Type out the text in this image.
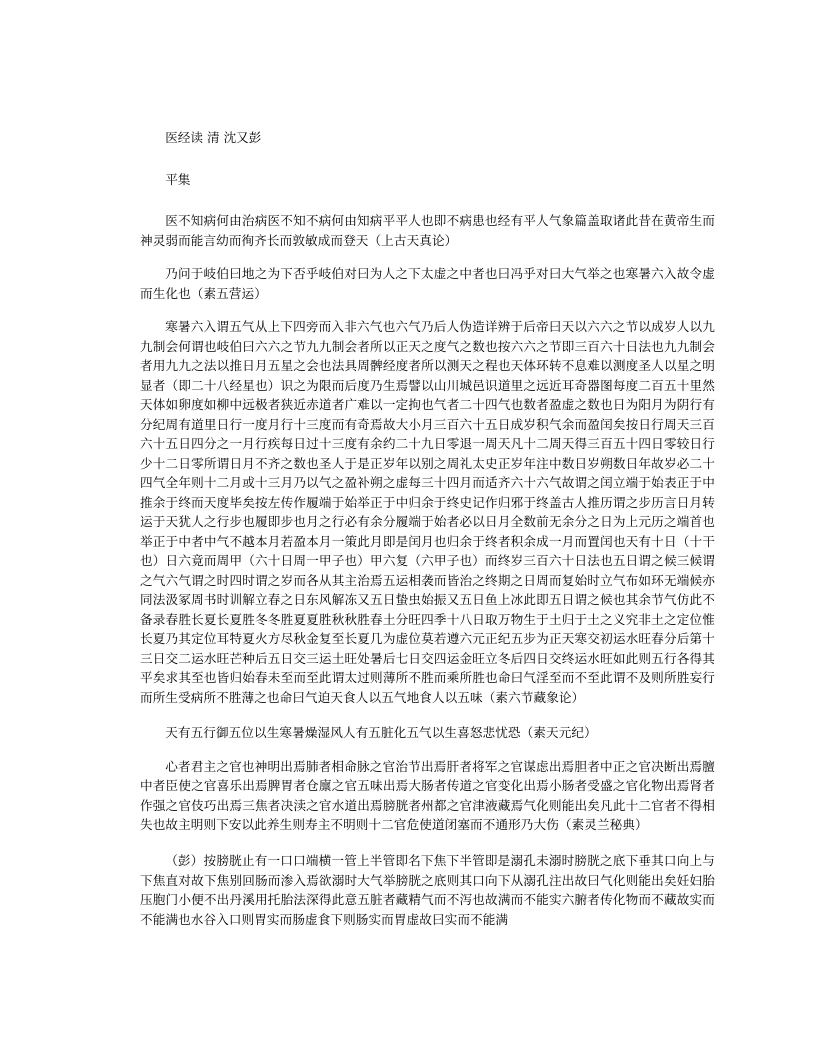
医经读 清 沈又彭
平集

医不知病何由治病医不知不病何由知病平平人也即不病患也经有平人气象篇盖取诸此昔在黄帝生而神灵弱而能言幼而徇齐长而敦敏成而登天（上古天真论）

乃问于岐伯曰地之为下否乎岐伯对曰为人之下太虚之中者也曰冯乎对曰大气举之也寒暑六入故令虚而生化也（素五营运）

寒暑六入谓五气从上下四旁而入非六气也六气乃后人伪造详辨于后帝曰天以六六之节以成岁人以九九制会何谓也岐伯曰六六之节九九制会者所以正天之度气之数也按六六之节即三百六十日法也九九制会者用九九之法以推日月五星之会也法具周髀经度者所以测天之程也天体环转不息难以测度圣人以星之明显者（即二十八经星也）识之为限而后度乃生焉譬以山川城邑识道里之远近耳奇器图每度二百五十里然天体如卵度如柳中远极者狭近赤道者广难以一定拘也气者二十四气也数者盈虚之数也日为阳月为阴行有分纪周有道里日行一度月行十三度而有奇焉故大小月三百六十五日成岁积气余而盈闰矣按日行周天三百六十五日四分之一月行疾每日过十三度有余约二十九日零退一周天凡十二周天得三百五十四日零较日行少十二日零所谓日月不齐之数也圣人于是正岁年以别之周礼太史正岁年注中数日岁朔数日年故岁必二十四气全年则十二月或十三月乃以气之盈补朔之虚每三十四月而适齐六十六气故谓之闰立端于始表正于中推余于终而天度毕矣按左传作履端于始举正于中归余于终史记作归邪于终盖古人推历谓之步历言日月转运于天犹人之行步也履即步也月之行必有余分履端于始者必以日月全数前无余分之日为上元历之端首也举正于中者中气不越本月若盈本月一策此月即是闰月也归余于终者积余成一月而置闰也天有十日（十干也）日六竟而周甲（六十日周一甲子也）甲六复（六甲子也）而终岁三百六十日法也五日谓之候三候谓之气六气谓之时四时谓之岁而各从其主治焉五运相袭而皆治之终期之日周而复始时立气布如环无端候亦同法汲冢周书时训解立春之日东风解冻又五日蛰虫始振又五日鱼上冰此即五日谓之候也其余节气仿此不备录春胜长夏长夏胜冬冬胜夏夏胜秋秋胜春土分旺四季十八日取万物生于土归于土之义究非土之定位惟长夏乃其定位耳特夏火方尽秋金复至长夏几为虚位莫若遵六元正纪五步为正天寒交初运水旺春分后第十三日交二运水旺芒种后五日交三运土旺处暑后七日交四运金旺立冬后四日交终运水旺如此则五行各得其平矣求其至也皆归始春未至而至此谓太过则薄所不胜而乘所胜也命曰气淫至而不至此谓不及则所胜妄行而所生受病所不胜薄之也命曰气迫天食人以五气地食人以五味（素六节藏象论）

天有五行御五位以生寒暑燥湿风人有五脏化五气以生喜怒悲忧恐（素天元纪）

心者君主之官也神明出焉肺者相命脉之官治节出焉肝者将军之官谋虑出焉胆者中正之官决断出焉膻中者臣使之官喜乐出焉脾胃者仓廪之官五味出焉大肠者传道之官变化出焉小肠者受盛之官化物出焉肾者作强之官伎巧出焉三焦者决渎之官水道出焉膀胱者州都之官津液藏焉气化则能出矣凡此十二官者不得相失也故主明则下安以此养生则寿主不明则十二官危使道闭塞而不通形乃大伤（素灵兰秘典）

（彭）按膀胱止有一口口端横一管上半管即名下焦下半管即是溺孔未溺时膀胱之底下垂其口向上与下焦直对故下焦别回肠而渗入焉欲溺时大气举膀胱之底则其口向下从溺孔注出故曰气化则能出矣妊妇胎压胞门小便不出丹溪用托胎法深得此意五脏者藏精气而不泻也故满而不能实六腑者传化物而不藏故实而不能满也水谷入口则胃实而肠虚食下则肠实而胃虚故曰实而不能满
